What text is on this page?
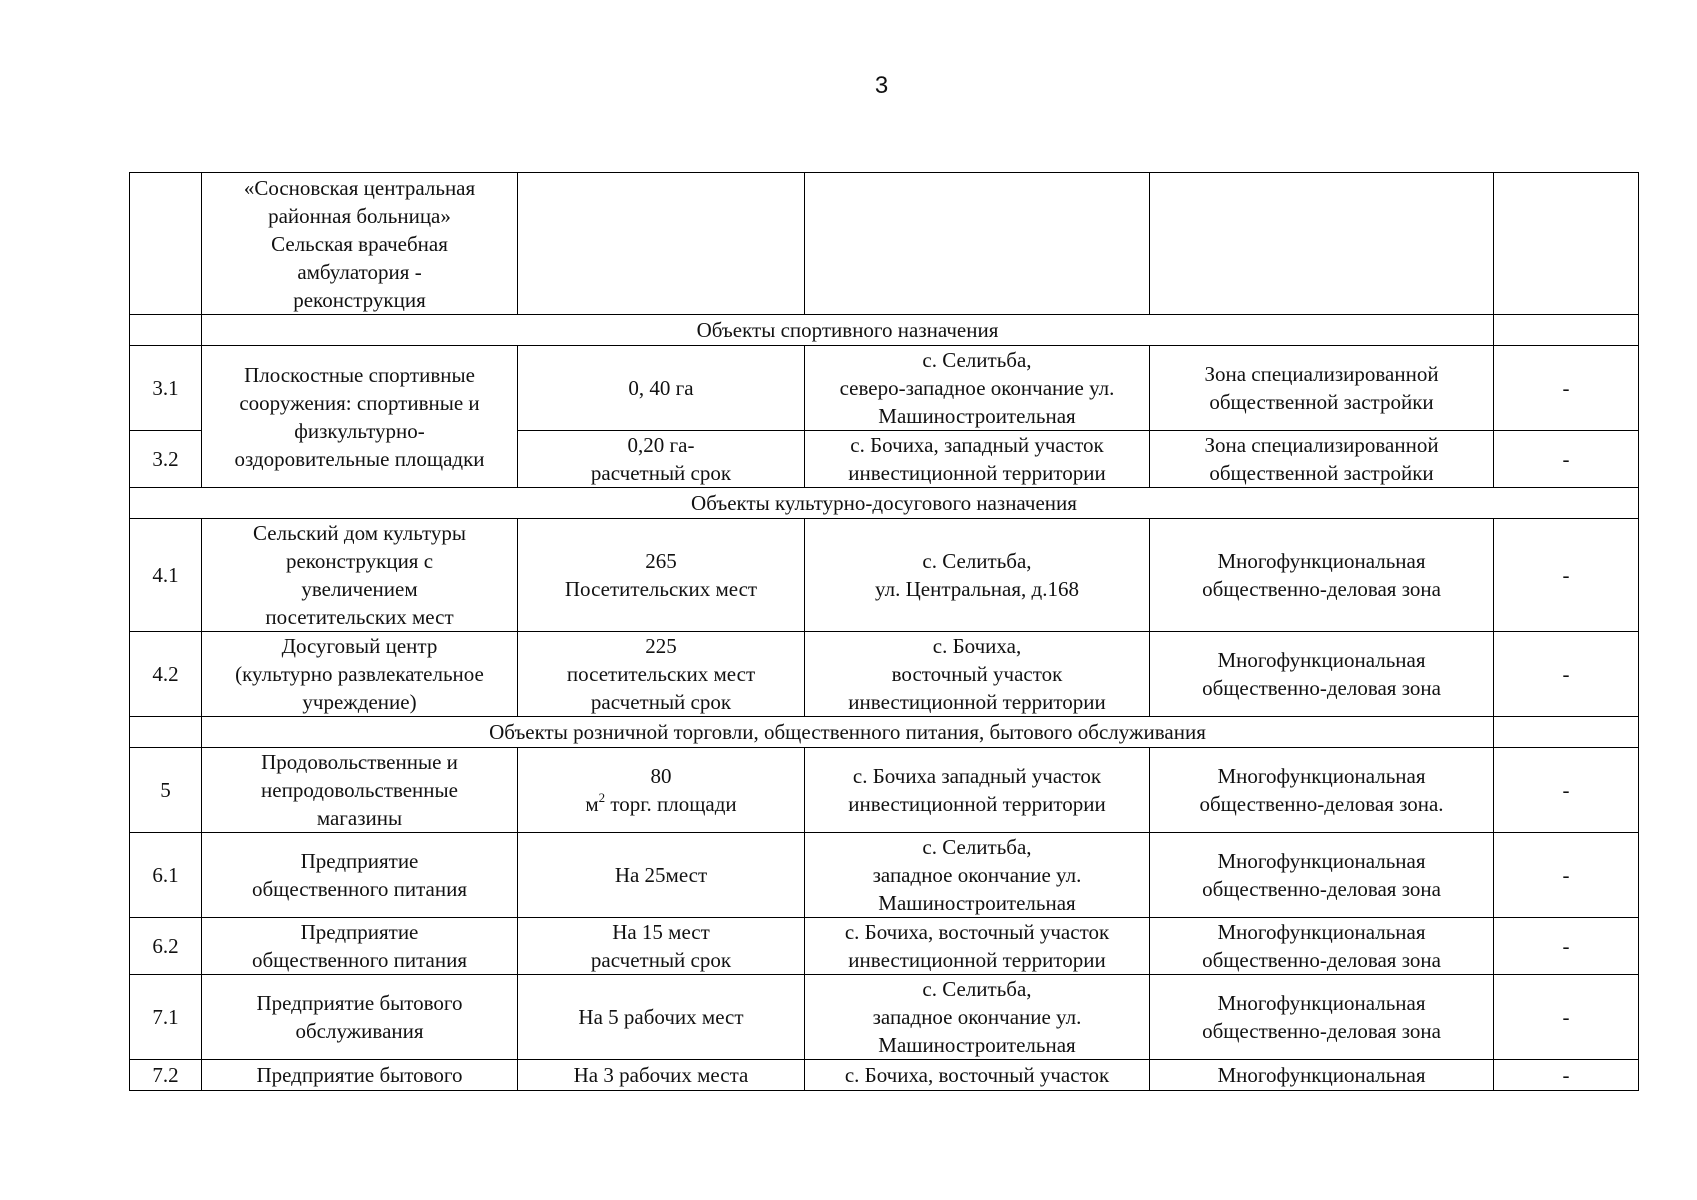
3

	«Сосновская центральная
районная больница»
Сельская врачебная
амбулатория -
реконструкция				

	Объекты спортивного назначения				
3.1	Плоскостные спортивные
сооружения: спортивные и
физкультурно-
оздоровительные площадки	0, 40 га	с. Селитьба,
северо-западное окончание ул.
Машиностроительная	Зона специализированной
общественной застройки	-
3.2		0,20 га-
расчетный срок	с. Бочиха, западный участок
инвестиционной территории	Зона специализированной
общественной застройки	-
Объекты культурно-досугового назначения					
4.1	Сельский дом культуры
реконструкция с
увеличением
посетительских мест	265
Посетительских мест	с. Селитьба,
ул. Центральная, д.168	Многофункциональная
общественно-деловая зона	-
4.2	Досуговый центр
(культурно развлекательное
учреждение)	225
посетительских мест
расчетный срок	с. Бочиха,
восточный участок
инвестиционной территории	Многофункциональная
общественно-деловая зона	-
	Объекты розничной торговли, общественного питания, бытового обслуживания				
5	Продовольственные и
непродовольственные
магазины	80
$м^2$ торг. площади	с. Бочиха западный участок
инвестиционной территории	Многофункциональная
общественно-деловая зона.	-
6.1	Предприятие
общественного питания	На 25мест	с. Селитьба,
западное окончание ул.
Машиностроительная	Многофункциональная
общественно-деловая зона	-
6.2	Предприятие
общественного питания	На 15 мест
расчетный срок	с. Бочиха, восточный участок
инвестиционной территории	Многофункциональная
общественно-деловая зона	-
7.1	Предприятие бытового
обслуживания	На 5 рабочих мест	с. Селитьба,
западное окончание ул.
Машиностроительная	Многофункциональная
общественно-деловая зона	-
7.2	Предприятие бытового	На 3 рабочих места	с. Бочиха, восточный участок	Многофункциональная	-
